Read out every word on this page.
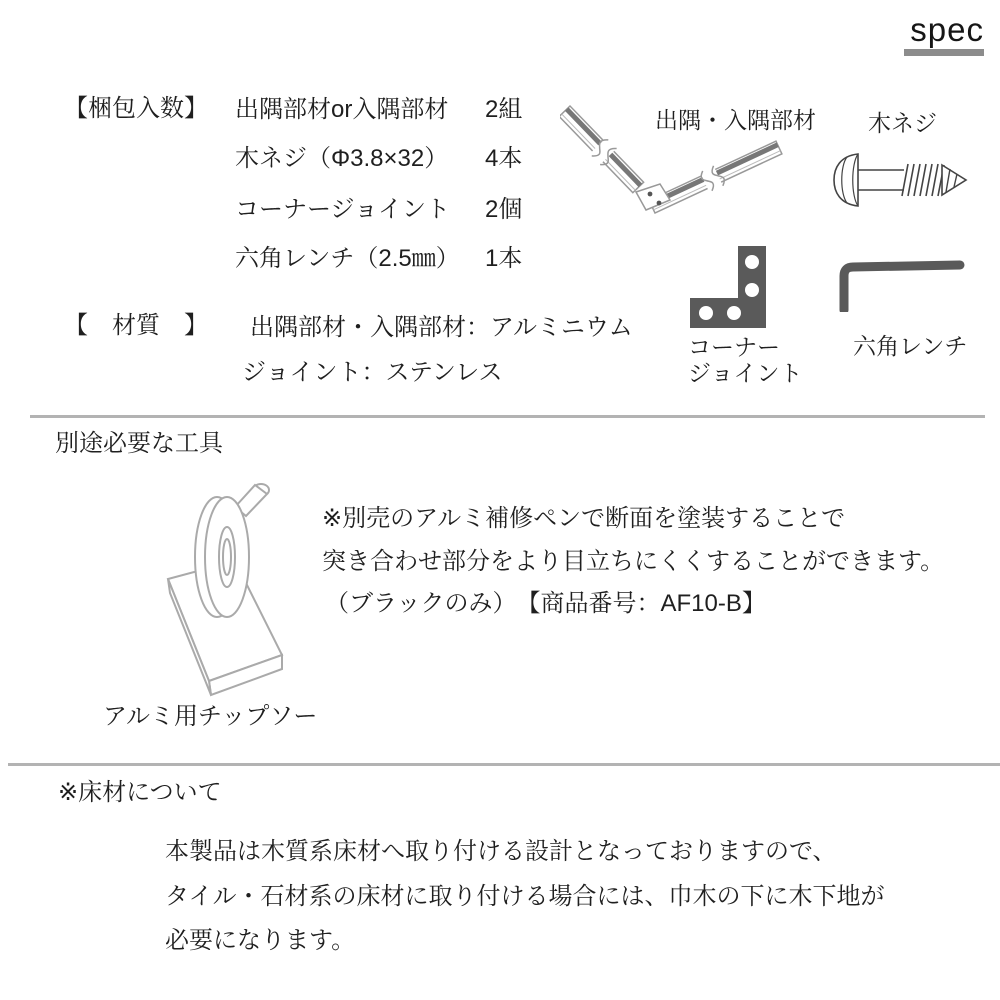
spec
【梱包入数】 出隅部材or入隅部材 2組
木ネジ（Φ3.8×32） 4本
コーナージョイント 2個
六角レンチ（2.5㎜） 1本
【　材質　】 出隅部材・入隅部材：アルミニウム
ジョイント：ステンレス
出隅・入隅部材 木ネジ
コーナー
ジョイント
六角レンチ
別途必要な工具
アルミ用チップソー
※別売のアルミ補修ペンで断面を塗装することで
突き合わせ部分をより目立ちにくくすることができます。
（ブラックのみ）　【商品番号：AF10-B】
※床材について
本製品は木質系床材へ取り付ける設計となっておりますので、
タイル・石材系の床材に取り付ける場合には、巾木の下に木下地が
必要になります。
